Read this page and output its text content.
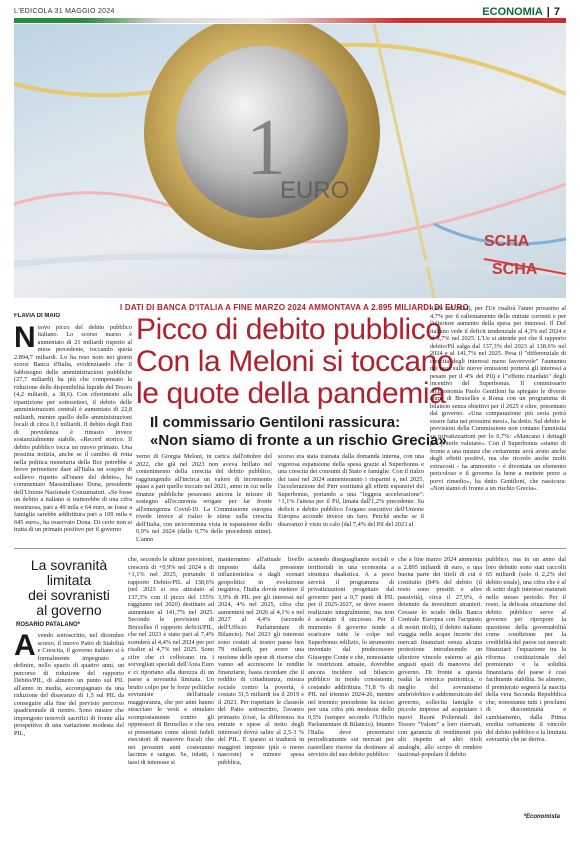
L'EDICOLA 31 MAGGIO 2024	ECONOMIA | 7
1
EURO
SCHA
SCHA
I DATI DI BANCA D'ITALIA A FINE MARZO 2024 AMMONTAVA A 2.895 MILIARDI DI EURO
Picco di debito pubblico
Con la Meloni si toccano
le quote della pandemia
Il commissario Gentiloni rassicura:
«Non siamo di fronte a un rischio Grecia»
FLAVIA DI MAIO
N uovo picco del debito pubblico italiano. Lo scorso marzo è aumentato di 21 miliardi rispetto al mese precedente, toccando quota 2.894,7 miliardi. Lo ha reso noto nei giorni scorsi Banca d'Italia, evidenziando che il fabbisogno delle amministrazioni pubbliche (27,7 miliardi) ha più che compensato la riduzione delle disponibilità liquide del Tesoro (4,2 miliardi, a 38,6). Con riferimento alla ripartizione per sottosettori, il debito delle amministrazioni centrali è aumentato di 22,8 miliardi, mentre quello delle amministrazioni locali di circa 0,1 miliardi. Il debito degli Enti di previdenza è rimasto invece sostanzialmente stabile. «Record storico. Il debito pubblico tocca un nuovo primato. Una pessima notizia, anche se il cambio di rotta nella politica monetaria della Bce potrebbe a breve permettere dare all'Italia un sospiro di sollievo rispetto all'onere del debito», ha commentato Massimiliano Dona, presidente dell'Unione Nazionale Consumatori. «Se fosse un debito a italiano si tratterebbe di una cifra mostruosa, pari a 49 mila e 64 euro, se fosse a famiglia sarebbe addirittura pari a 109 mila e 645 euro», ha osservato Dona. Di certo non si tratta di un primato positivo per il governo
verno di Giorgia Meloni, in carica dall'ottobre del 2022, che già nel 2023 non aveva brillato nel contenimento della crescita del debito pubblico, raggiungendo all'incirca un valore di incremento quasi a pari quello toccato nel 2021, anno in cui nelle finanze pubbliche pesavano ancora le misure di sostegno all'economia erogate per far fronte all'emergenza Covid-19. La Commissione europea rivede invece al rialzo le stime sulla crescita dell'Italia, con un'economia vista in espansione dello 0,9% nel 2024 (dallo 0,7% delle precedenti stime). L'anno
scorso era stata trainata dalla domanda interna, con una vigorosa espansione della spesa grazie al Superbonus e una crescita dei consumi di Stato e famiglie. Con il rialzo dei tassi nel 2024 aumenteranno i risparmi e, nel 2025, l'accelerazione del Pnrr sostituirà gli effetti espansivi del Superbonus, portando a una "leggera accelerazione": +1,1% l'attesa per il Pil, limata dall'1,2% precedente. Su deficit e debito pubblico l'organo esecutivo dell'Unione Europea accende invece un faro. Perché anche se il disavanzo è visto in calo (dal 7,4% del Pil del 2023 al
4,4% nel 2024), per l'Ue risalirà l'anno prossimo al 4,7% per il rallentamento delle entrate correnti e per l'ulteriore aumento della spesa per interessi. Il Def italiano vede il deficit tendenziale al 4,3% nel 2024 e al 3,7% nel 2025. L'Ue si attende poi che il rapporto debito/Pil salga dal 137,3% del 2023 al 138,6% nel 2024 e al 141,7% nel 2025. Pesa il "differenziale di crescita degli interessi meno favorevole" l'aumento dei tassi sulle nuove emissioni portersi gli interessi a pesare per il 4% del Pil) e l'"effetto ritardato" degli incentivi del Superbonus. Il commissario all'Economia Paolo Gentiloni ha spiegato le diverse stime di Bruxelles e Roma con un programma di bilancio senza obiettivi per il 2025 e oltre, presentato dal governo. «Una comparazione più seria potrà essere fatta nei prossimi mesi», ha detto. Sul debito le previsioni della Commissione non contano l'amnistia su privatizzazioni per lo 0,7%: «Mancano i dettagli per poterle valutare». Con il Superbonus «siamo di fronte a una misura che certamente avrà avuto anche degli effetti positivi, ma che ricordo anche molti extracosti - ha ammonito - è diventata un elemento pericoloso e il governo fa bene a mettere porre a porvi rimedio», ha detto Gentiloni, che rassicura: «Non siamo di fronte a un rischio Grecia».
La sovranità
limitata
dei sovranisti
al governo
ROSARIO PATALANO*
Avendo sottoscritto, nel dicembre scorso, il nuovo Patto di Stabilità e Crescita, il governo italiano si è formalmente impegnato a definire, nello spazio di quattro anni, un percorso di riduzione del rapporto Debito/PIL, di almeno un punto sul PIL all'anno in media, accompagnato da una riduzione del disavanzo di 1,5 sul PIL da conseguire alla fine del previsto percorso quadriennale di rientro. Sono misure che impongono notevoli sacrifici di fronte alla prospettiva di una variazione modesta del PIL,
che, secondo le ultime previsioni, crescerà di +0,9% nel 2024 e di +1,1% nel 2025, portando il rapporto Debito/PIL al 138,6% (nel 2023 si era attestato al 137,3% con il picco del 155% raggiunto nel 2020) destinato ad aumentare al 141,7% nel 2025. Secondo le previsioni di Bruxelles il rapporto deficit/PIL, che nel 2023 è stato pari al 7,4% scenderà al 4,4% nel 2024 per poi risalire al 4,7% nel 2025. Sono cifre che ci collocano tra i sorvegliati speciali dell'Area Euro e ci riportano alla durezza di un paese a sovranità limitata. Un brutto colpo per le forze politiche sovraniste dell'attuale maggioranza, che per anni hanno stracciato le vesti e simulato scompostamente contro gli oppressori di Bruxelles e che ora si presentano come silenti fedeli esecutori di manovre fiscali che nei prossimi anni costeranno lacrime e sangue. Se, infatti, i tassi di interesse si
manterranno all'attuale livello imposto dalla pressione inflazionistica e dagli scenari geopolitici in evoluzione negativa, l'Italia dovrà mettere il 3,9% di PIL per gli interessi nel 2024, 4% nel 2025, cifra che aumenterà nel 2026 al 4,1% e nel 2027 al 4,4% (secondo dell'Ufficio Parlamentare di Bilancio). Nel 2023 gli interessi sono costati al nostro paese ben 79 miliardi, per avere una nozione delle spese di risorse che vanno ad accrescere le rendite finanziarie, basta ricordare che il reddito di cittadinanza, misura sociale contro la povertà, è costato 31,5 miliardi tra il 2019 e il 2023. Per rispettare le clausole del Patto sottoscritto, l'avanzo primario (cioè, la differenza tra entrate e spese al netto degli interessi) dovrà salire al 2,5-3 % del PIL. E questo si tradurrà in maggiori imposte (più o meno nascoste) e minore spesa pubblica,
acuendo diseguaglianze sociali e territoriali in una economia a struttura dualistica. A a poco servirà il programma di privatizzazioni progettato dal governo pari a 0,7 punti di PIL per il 2025-2027, se dove essere realizzato integralmente, ma non è scontato il successo. Per il momento il governo tende a scaricare tutte le colpe sul Superbonus edilizio, lo strumento inventato dal predecessore Giuseppe Conte e che, nonostante le restrizioni attuate, dovrebbe ancora incidere sul bilancio pubblico in modo consistente, costando addirittura 71,8 % di PIL nel triennio 2024-26, mentre nel triennio precedente ha inciso per una cifra più modesta dello 0,5% (sempre secondo l'Ufficio Parlamentare di Bilancio). Intanto l'Italia deve presentarsi periodicamente sui mercati per rastrellare risorse da destinare al servizio del suo debito pubblico
che a fine marzo 2024 ammonta a 2.895 miliardi di euro, e una buona parte dei titoli di cui è costituito (84% del debito (il resto sono prestiti e altre passività), circa il 27,9%, è detenuto da investitori stranieri. Cessate lo scudo della Banca Centrale Europea con l'acquisto di nostri titoli), il debito italiano viaggia nelle acque incerte dei mercati finanziari senza alcuna protezione introducendo un ulteriore vincolo esterno ai già angusti spazi di manovra del governo. Di fronte a questa realtà la retorica patriottica, o meglio del sovranismo ambrofobico e addomesticato del governo, sollecita famiglie e piccole imprese ad acquistare i nuovi Buoni Poliennali del Tesoro "Valore" a loro riservati, con garanzia di rendimenti più alti rispetto ad altri titoli analoghi, allo scopo di rendere nazional-popolare il debito
pubblico, ma in un anno dal loro debutto sono stati raccolti 65 miliardi (solo il 2,2% del debito totale), una cifra che è al di sotto degli interessi maturati nello stesso periodo. Per il resto, la delicata situazione del debito pubblico serve al governo per ripropore la questione della governabilità come condizione per la credibilità del paese sui mercati finanziari: l'equazione tra la riforma costituzionale del premierato e la solidità finanziaria del paese è così facilmente stabilita. Se almeno, il premierato segnerà la nascita della vera Seconda Repubblica che, nonostante tutti i proclami di discontinuità e cambiamento, dalla Prima eredita certamente il vincolo del debito pubblico e la limitata sovranità che ne deriva.
*Economista
